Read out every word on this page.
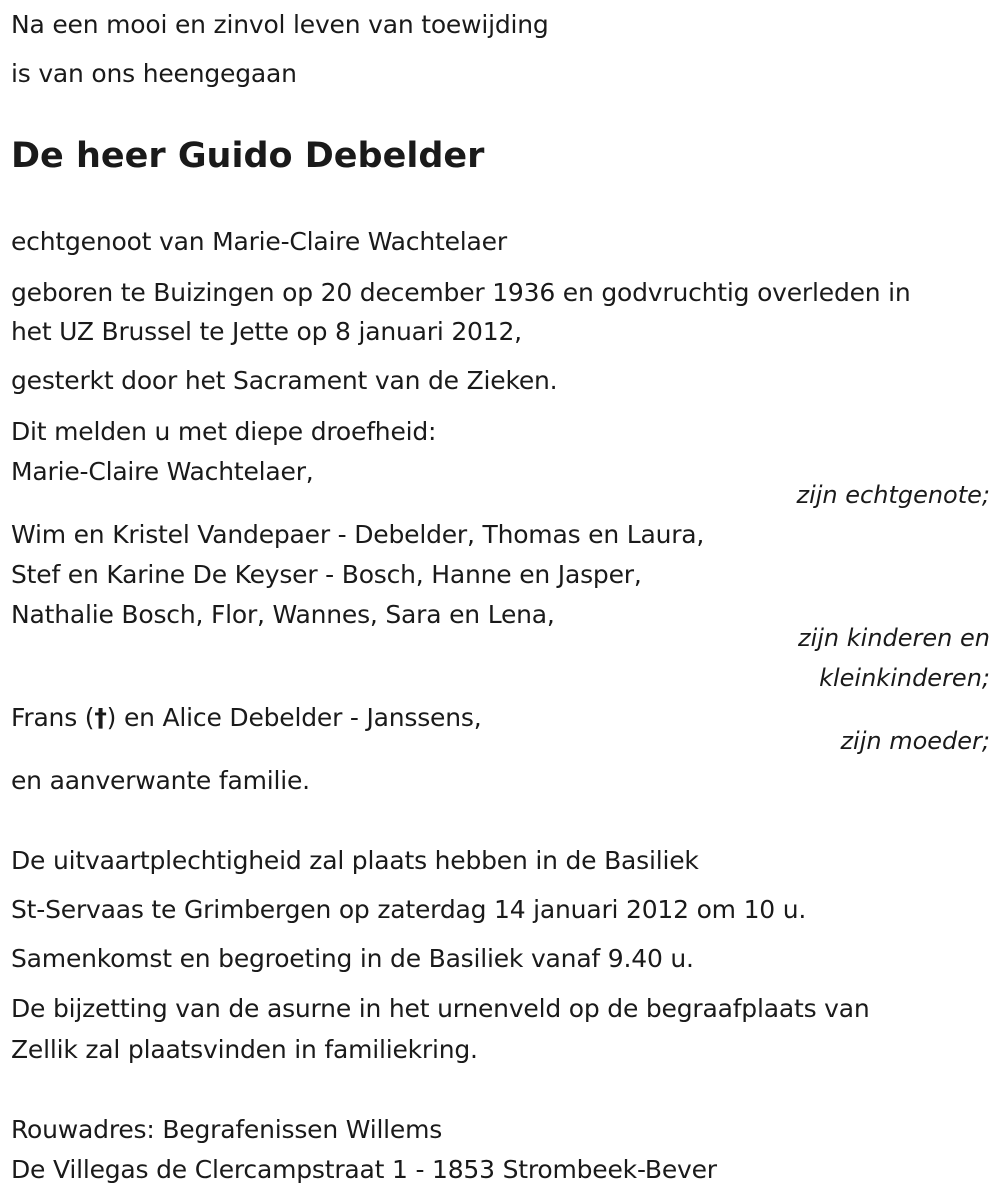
Na een mooi en zinvol leven van toewijding

is van ons heengegaan

De heer Guido Debelder

echtgenoot van Marie-Claire Wachtelaer

geboren te Buizingen op 20 december 1936 en godvruchtig overleden in

het UZ Brussel te Jette op 8 januari 2012,

gesterkt door het Sacrament van de Zieken.

Dit melden u met diepe droefheid:

Marie-Claire Wachtelaer,

zijn echtgenote;

Wim en Kristel Vandepaer - Debelder, Thomas en Laura,

Stef en Karine De Keyser - Bosch, Hanne en Jasper,

Nathalie Bosch, Flor, Wannes, Sara en Lena,

zijn kinderen en

kleinkinderen;

Frans (†) en Alice Debelder - Janssens,

zijn moeder;

en aanverwante familie.

De uitvaartplechtigheid zal plaats hebben in de Basiliek

St-Servaas te Grimbergen op zaterdag 14 januari 2012 om 10 u.

Samenkomst en begroeting in de Basiliek vanaf 9.40 u.

De bijzetting van de asurne in het urnenveld op de begraafplaats van

Zellik zal plaatsvinden in familiekring.

Rouwadres: Begrafenissen Willems

De Villegas de Clercampstraat 1 - 1853 Strombeek-Bever
